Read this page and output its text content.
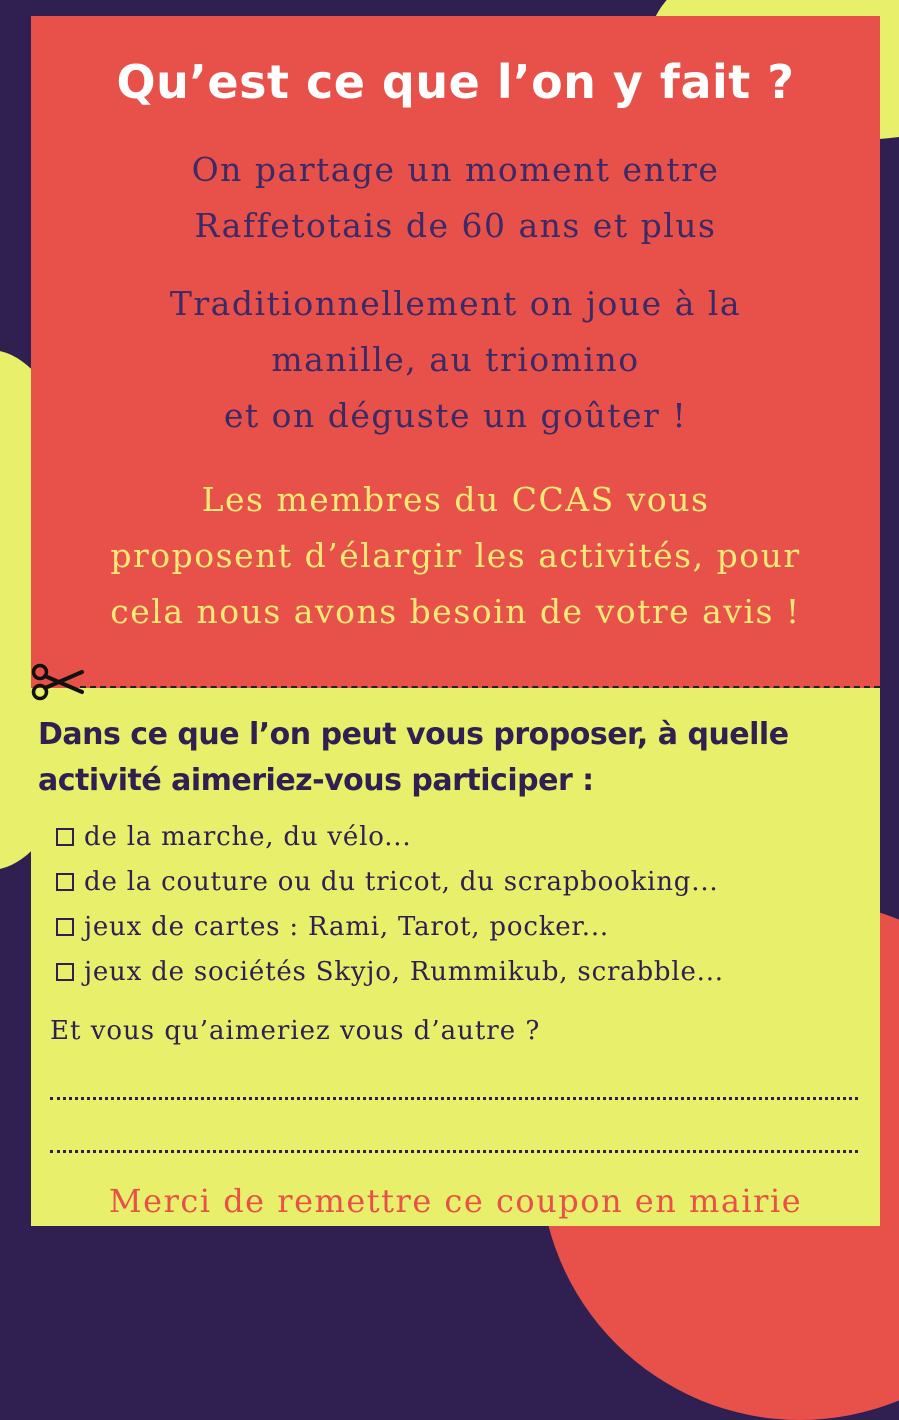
Qu’est ce que l’on y fait ?
On partage un moment entre
Raffetotais de 60 ans et plus
Traditionnellement on joue à la
manille, au triomino
et on déguste un goûter !
Les membres du CCAS vous
proposent d’élargir les activités, pour
cela nous avons besoin de votre avis !
Dans ce que l’on peut vous proposer, à quelle
activité aimeriez-vous participer :
de la marche, du vélo...
de la couture ou du tricot, du scrapbooking...
jeux de cartes : Rami, Tarot, pocker...
jeux de sociétés Skyjo, Rummikub, scrabble...
Et vous qu’aimeriez vous d’autre ?
Merci de remettre ce coupon en mairie
